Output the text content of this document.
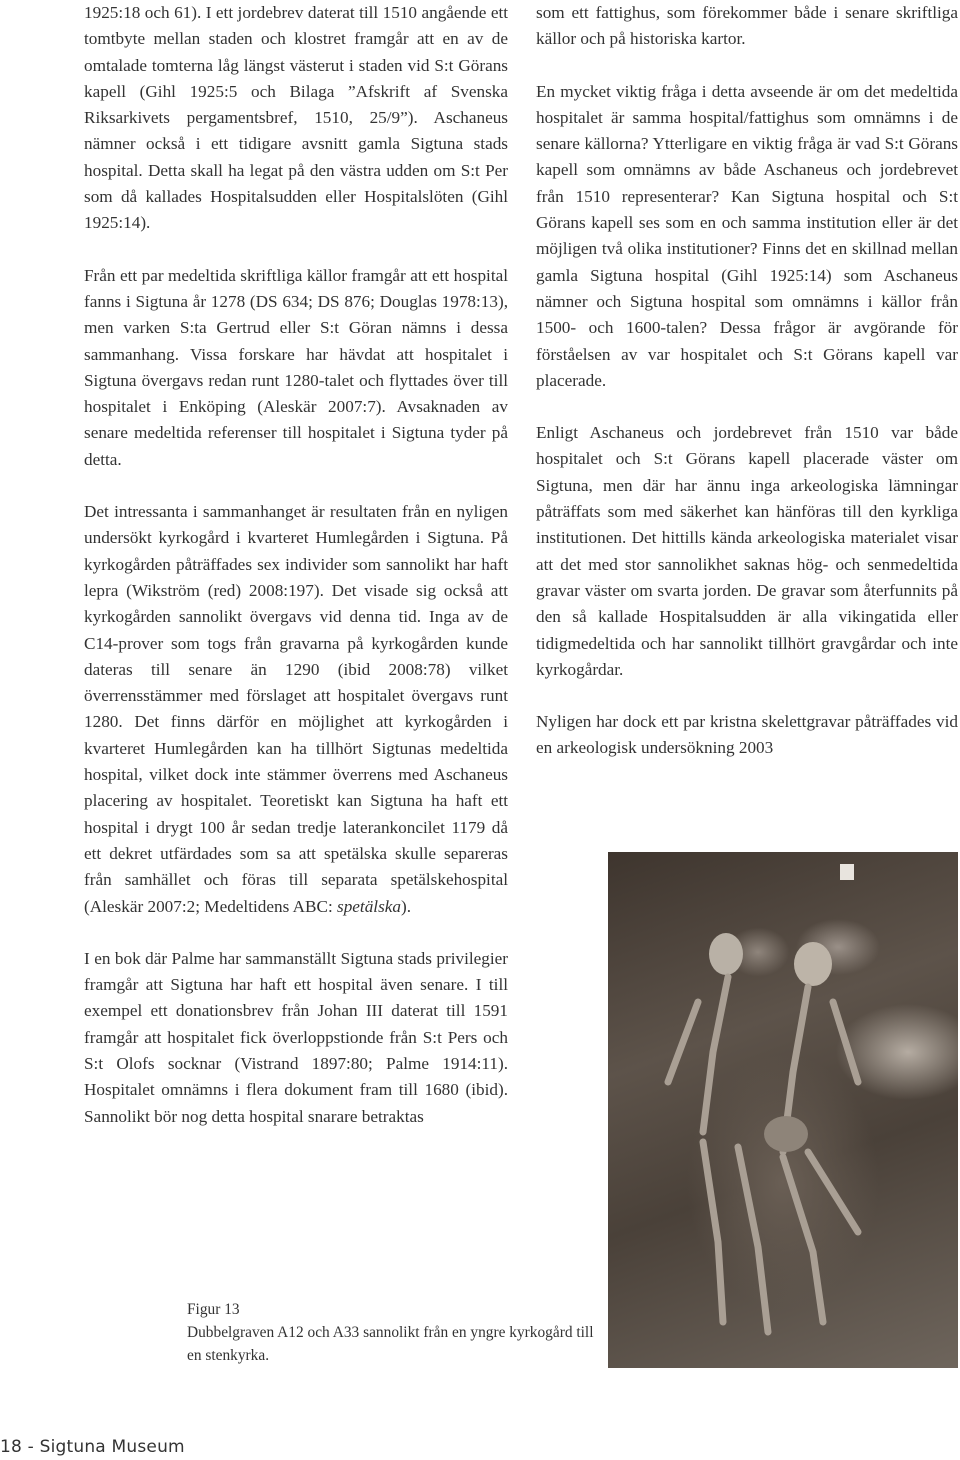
1925:18 och 61). I ett jordebrev daterat till 1510 angående ett tomtbyte mellan staden och klostret framgår att en av de omtalade tomterna låg längst västerut i staden vid S:t Görans kapell (Gihl 1925:5 och Bilaga ”Afskrift af Svenska Riksarkivets pergamentsbref, 1510, 25/9”). Aschaneus nämner också i ett tidigare avsnitt gamla Sigtuna stads hospital. Detta skall ha legat på den västra udden om S:t Per som då kallades Hospitalsudden eller Hospitalslöten (Gihl 1925:14).

Från ett par medeltida skriftliga källor framgår att ett hospital fanns i Sigtuna år 1278 (DS 634; DS 876; Douglas 1978:13), men varken S:ta Gertrud eller S:t Göran nämns i dessa sammanhang. Vissa forskare har hävdat att hospitalet i Sigtuna övergavs redan runt 1280-talet och flyttades över till hospitalet i Enköping (Aleskär 2007:7). Avsaknaden av senare medeltida referenser till hospitalet i Sigtuna tyder på detta.

Det intressanta i sammanhanget är resultaten från en nyligen undersökt kyrkogård i kvarteret Humlegården i Sigtuna. På kyrkogården påträffades sex individer som sannolikt har haft lepra (Wikström (red) 2008:197). Det visade sig också att kyrkogården sannolikt övergavs vid denna tid. Inga av de C14-prover som togs från gravarna på kyrkogården kunde dateras till senare än 1290 (ibid 2008:78) vilket överrensstämmer med förslaget att hospitalet övergavs runt 1280. Det finns därför en möjlighet att kyrkogården i kvarteret Humlegården kan ha tillhört Sigtunas medeltida hospital, vilket dock inte stämmer överrens med Aschaneus placering av hospitalet. Teoretiskt kan Sigtuna ha haft ett hospital i drygt 100 år sedan tredje laterankoncilet 1179 då ett dekret utfärdades som sa att spetälska skulle separeras från samhället och föras till separata spetälskehospital (Aleskär 2007:2; Medeltidens ABC: spetälska).

I en bok där Palme har sammanställt Sigtuna stads privilegier framgår att Sigtuna har haft ett hospital även senare. I till exempel ett donationsbrev från Johan III daterat till 1591 framgår att hospitalet fick överloppstionde från S:t Pers och S:t Olofs socknar (Vistrand 1897:80; Palme 1914:11). Hospitalet omnämns i flera dokument fram till 1680 (ibid). Sannolikt bör nog detta hospital snarare betraktas

som ett fattighus, som förekommer både i senare skriftliga källor och på historiska kartor.

En mycket viktig fråga i detta avseende är om det medeltida hospitalet är samma hospital/fattighus som omnämns i de senare källorna? Ytterligare en viktig fråga är vad S:t Görans kapell som omnämns av både Aschaneus och jordebrevet från 1510 representerar? Kan Sigtuna hospital och S:t Görans kapell ses som en och samma institution eller är det möjligen två olika institutioner? Finns det en skillnad mellan gamla Sigtuna hospital (Gihl 1925:14) som Aschaneus nämner och Sigtuna hospital som omnämns i källor från 1500- och 1600-talen? Dessa frågor är avgörande för förståelsen av var hospitalet och S:t Görans kapell var placerade.

Enligt Aschaneus och jordebrevet från 1510 var både hospitalet och S:t Görans kapell placerade väster om Sigtuna, men där har ännu inga arkeologiska lämningar påträffats som med säkerhet kan hänföras till den kyrkliga institutionen. Det hittills kända arkeologiska materialet visar att det med stor sannolikhet saknas hög- och senmedeltida gravar väster om svarta jorden. De gravar som återfunnits på den så kallade Hospitalsudden är alla vikingatida eller tidigmedeltida och har sannolikt tillhört gravgårdar och inte kyrkogårdar.

Nyligen har dock ett par kristna skelettgravar påträffades vid en arkeologisk undersökning 2003

Figur 13
Dubbelgraven A12 och A33 sannolikt från en yngre kyrkogård till en stenkyrka.
18 - Sigtuna Museum
